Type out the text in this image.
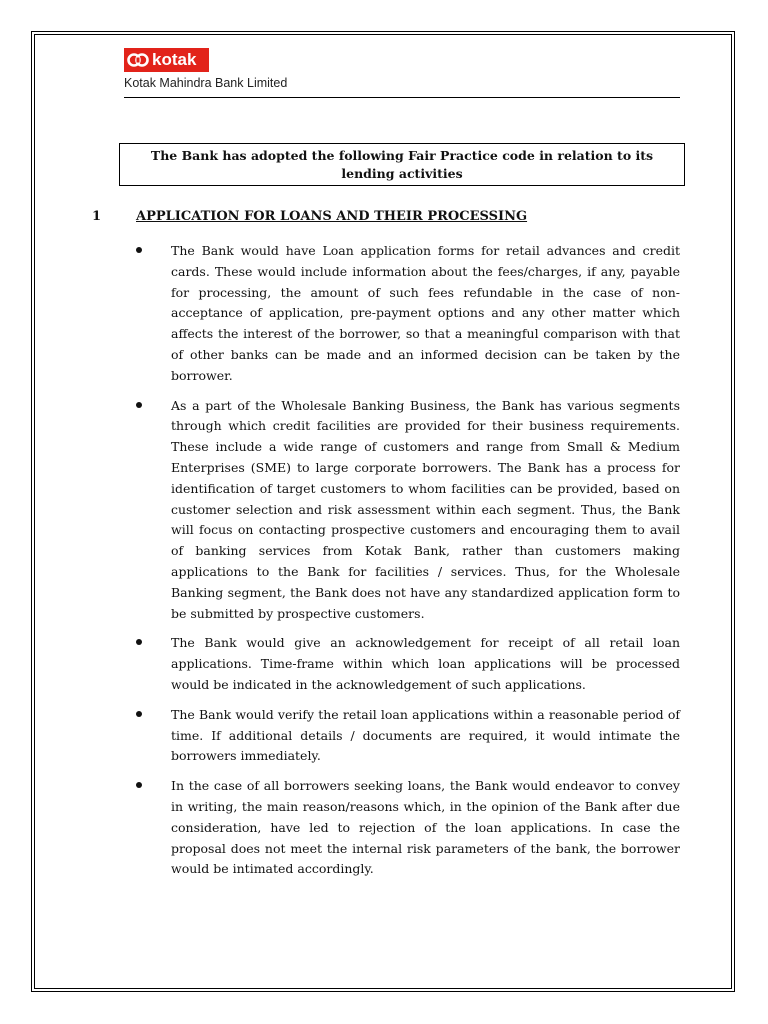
kotak
Kotak Mahindra Bank Limited
The Bank has adopted the following Fair Practice code in relation to its lending activities
1	APPLICATION FOR LOANS AND THEIR PROCESSING

The Bank would have Loan application forms for retail advances and credit cards. These would include information about the fees/charges, if any, payable for processing, the amount of such fees refundable in the case of non- acceptance of application, pre-payment options and any other matter which affects the interest of the borrower, so that a meaningful comparison with that of other banks can be made and an informed decision can be taken by the borrower.

As a part of the Wholesale Banking Business, the Bank has various segments through which credit facilities are provided for their business requirements. These include a wide range of customers and range from Small & Medium Enterprises (SME) to large corporate borrowers. The Bank has a process for identification of target customers to whom facilities can be provided, based on customer selection and risk assessment within each segment. Thus, the Bank will focus on contacting prospective customers and encouraging them to avail of banking services from Kotak Bank, rather than customers making applications to the Bank for facilities / services. Thus, for the Wholesale Banking segment, the Bank does not have any standardized application form to be submitted by prospective customers.

The Bank would give an acknowledgement for receipt of all retail loan applications. Time-frame within which loan applications will be processed would be indicated in the acknowledgement of such applications.

The Bank would verify the retail loan applications within a reasonable period of time. If additional details / documents are required, it would intimate the borrowers immediately.

In the case of all borrowers seeking loans, the Bank would endeavor to convey in writing, the main reason/reasons which, in the opinion of the Bank after due consideration, have led to rejection of the loan applications. In case the proposal does not meet the internal risk parameters of the bank, the borrower would be intimated accordingly.
